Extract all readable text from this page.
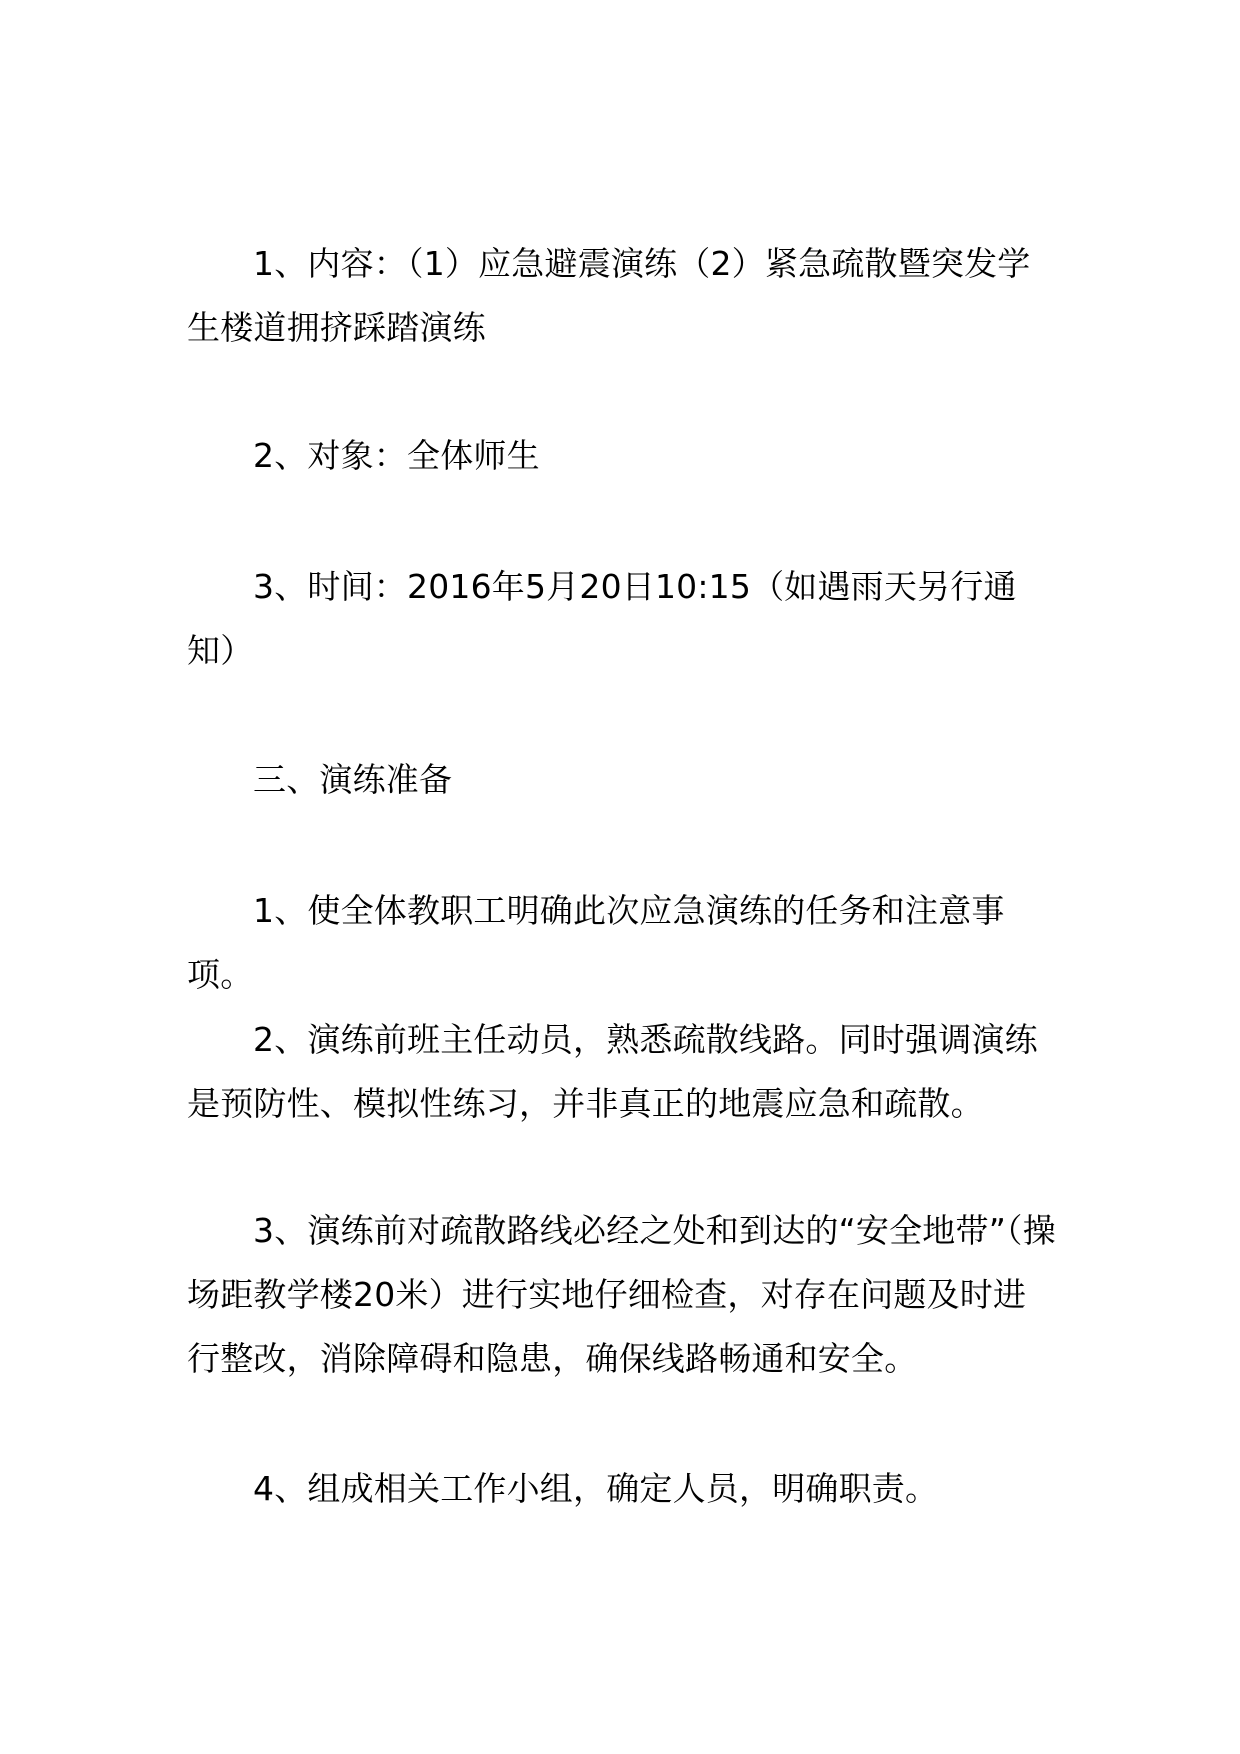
1、内容：（1）应急避震演练（2）紧急疏散暨突发学生楼道拥挤踩踏演练

2、对象：全体师生

3、时间：2016年5月20日10:15（如遇雨天另行通知）

三、演练准备

1、使全体教职工明确此次应急演练的任务和注意事项。

2、演练前班主任动员，熟悉疏散线路。同时强调演练是预防性、模拟性练习，并非真正的地震应急和疏散。

3、演练前对疏散路线必经之处和到达的“安全地带”（操场距教学楼20米）进行实地仔细检查，对存在问题及时进行整改，消除障碍和隐患，确保线路畅通和安全。

4、组成相关工作小组，确定人员，明确职责。
